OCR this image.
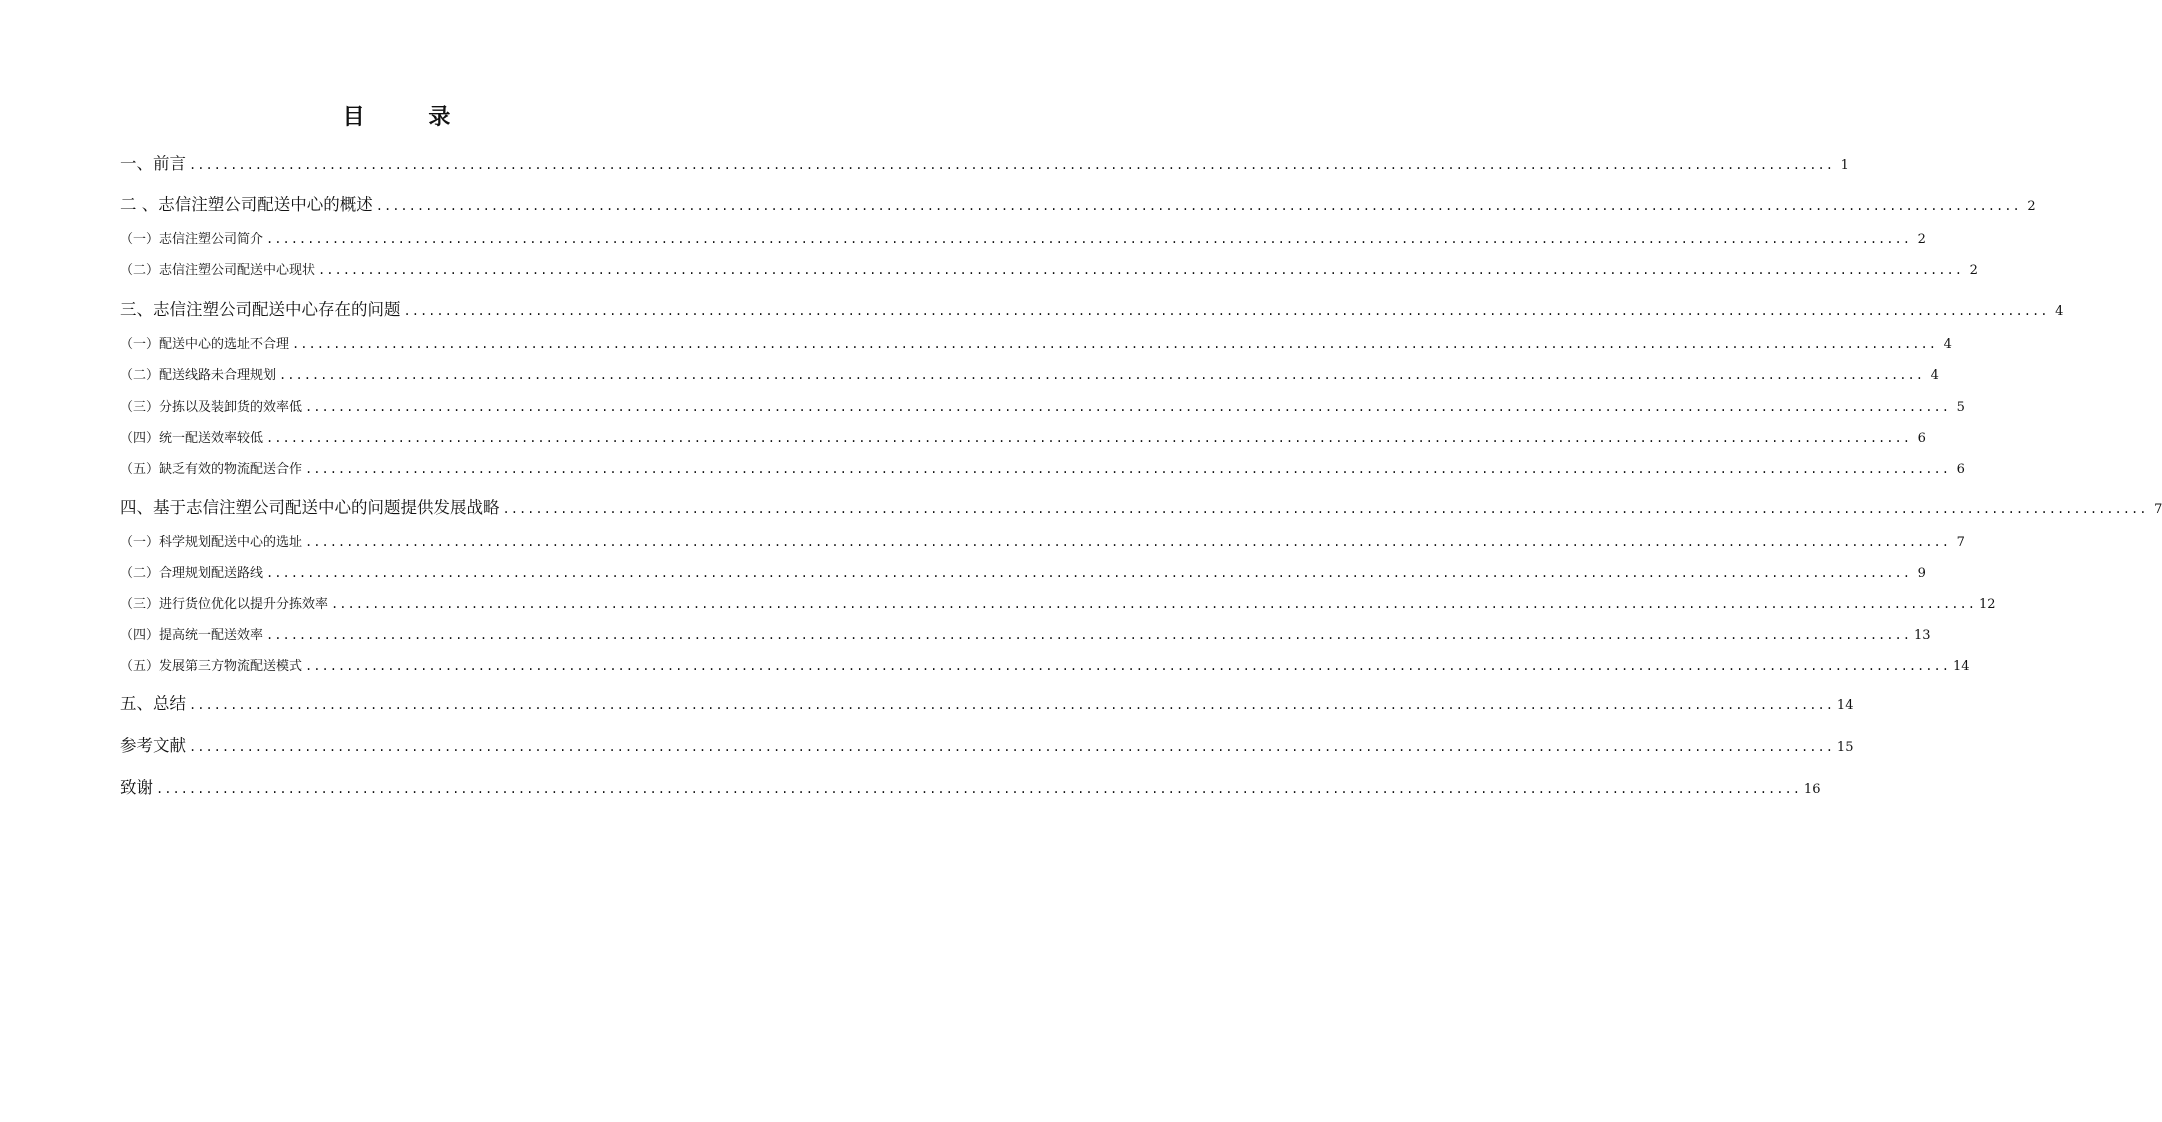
目 录
一、前言 ........................................................................................................................................................................................................ 1
二 、志信注塑公司配送中心的概述 ........................................................................................................................................................................................................ 2
（一）志信注塑公司简介 ........................................................................................................................................................................................................ 2
（二）志信注塑公司配送中心现状 ........................................................................................................................................................................................................ 2
三、志信注塑公司配送中心存在的问题 ........................................................................................................................................................................................................ 4
（一）配送中心的选址不合理 ........................................................................................................................................................................................................ 4
（二）配送线路未合理规划 ........................................................................................................................................................................................................ 4
（三）分拣以及装卸货的效率低 ........................................................................................................................................................................................................ 5
（四）统一配送效率较低 ........................................................................................................................................................................................................ 6
（五）缺乏有效的物流配送合作 ........................................................................................................................................................................................................ 6
四、基于志信注塑公司配送中心的问题提供发展战略 ........................................................................................................................................................................................................ 7
（一）科学规划配送中心的选址 ........................................................................................................................................................................................................ 7
（二）合理规划配送路线 ........................................................................................................................................................................................................ 9
（三）进行货位优化以提升分拣效率 ........................................................................................................................................................................................................ 12
（四）提高统一配送效率 ........................................................................................................................................................................................................ 13
（五）发展第三方物流配送模式 ........................................................................................................................................................................................................ 14
五、总结 ........................................................................................................................................................................................................ 14
参考文献 ........................................................................................................................................................................................................ 15
致谢 ........................................................................................................................................................................................................ 16
